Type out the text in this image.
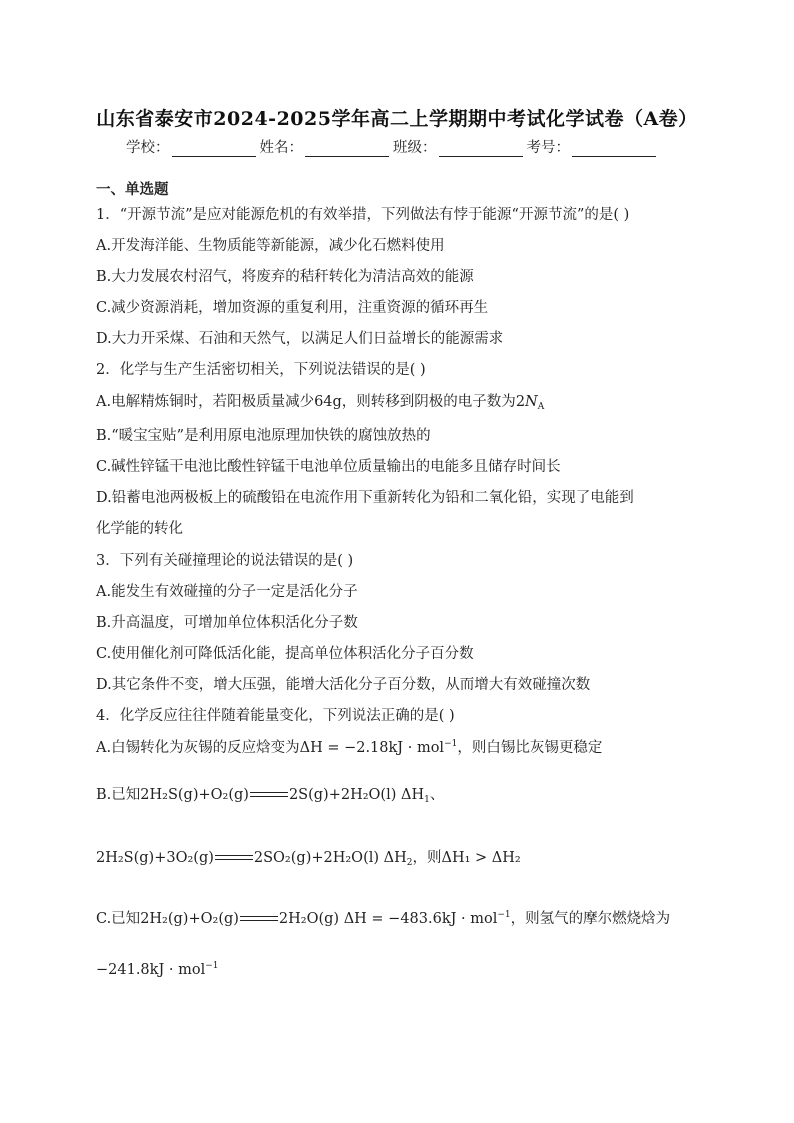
山东省泰安市2024-2025学年高二上学期期中考试化学试卷（A卷）
学校：	姓名：	班级：	考号：
一、单选题
1．“开源节流”是应对能源危机的有效举措，下列做法有悖于能源“开源节流”的是( )
A.开发海洋能、生物质能等新能源，减少化石燃料使用
B.大力发展农村沼气，将废弃的秸秆转化为清洁高效的能源
C.减少资源消耗，增加资源的重复利用，注重资源的循环再生
D.大力开采煤、石油和天然气，以满足人们日益增长的能源需求
2．化学与生产生活密切相关，下列说法错误的是( )
A.电解精炼铜时，若阳极质量减少64g，则转移到阴极的电子数为$2N_A$
B.“暖宝宝贴”是利用原电池原理加快铁的腐蚀放热的
C.碱性锌锰干电池比酸性锌锰干电池单位质量输出的电能多且储存时间长
D.铅蓄电池两极板上的硫酸铅在电流作用下重新转化为铅和二氧化铅，实现了电能到
化学能的转化
3．下列有关碰撞理论的说法错误的是( )
A.能发生有效碰撞的分子一定是活化分子
B.升高温度，可增加单位体积活化分子数
C.使用催化剂可降低活化能，提高单位体积活化分子百分数
D.其它条件不变，增大压强，能增大活化分子百分数，从而增大有效碰撞次数
4．化学反应往往伴随着能量变化，下列说法正确的是( )
A.白锡转化为灰锡的反应焓变为ΔH = −2.18kJ · mol$^{-1}$，则白锡比灰锡更稳定
B.已知2H₂S(g)+O₂(g)	2S(g)+2H₂O(l) $\Delta H_1$、
2H₂S(g)+3O₂(g)	2SO₂(g)+2H₂O(l) $\Delta H_2$，则ΔH₁ > ΔH₂
C.已知2H₂(g)+O₂(g)	2H₂O(g) ΔH = −483.6kJ · mol$^{-1}$，则氢气的摩尔燃烧焓为
−241.8kJ · mol$^{-1}$
